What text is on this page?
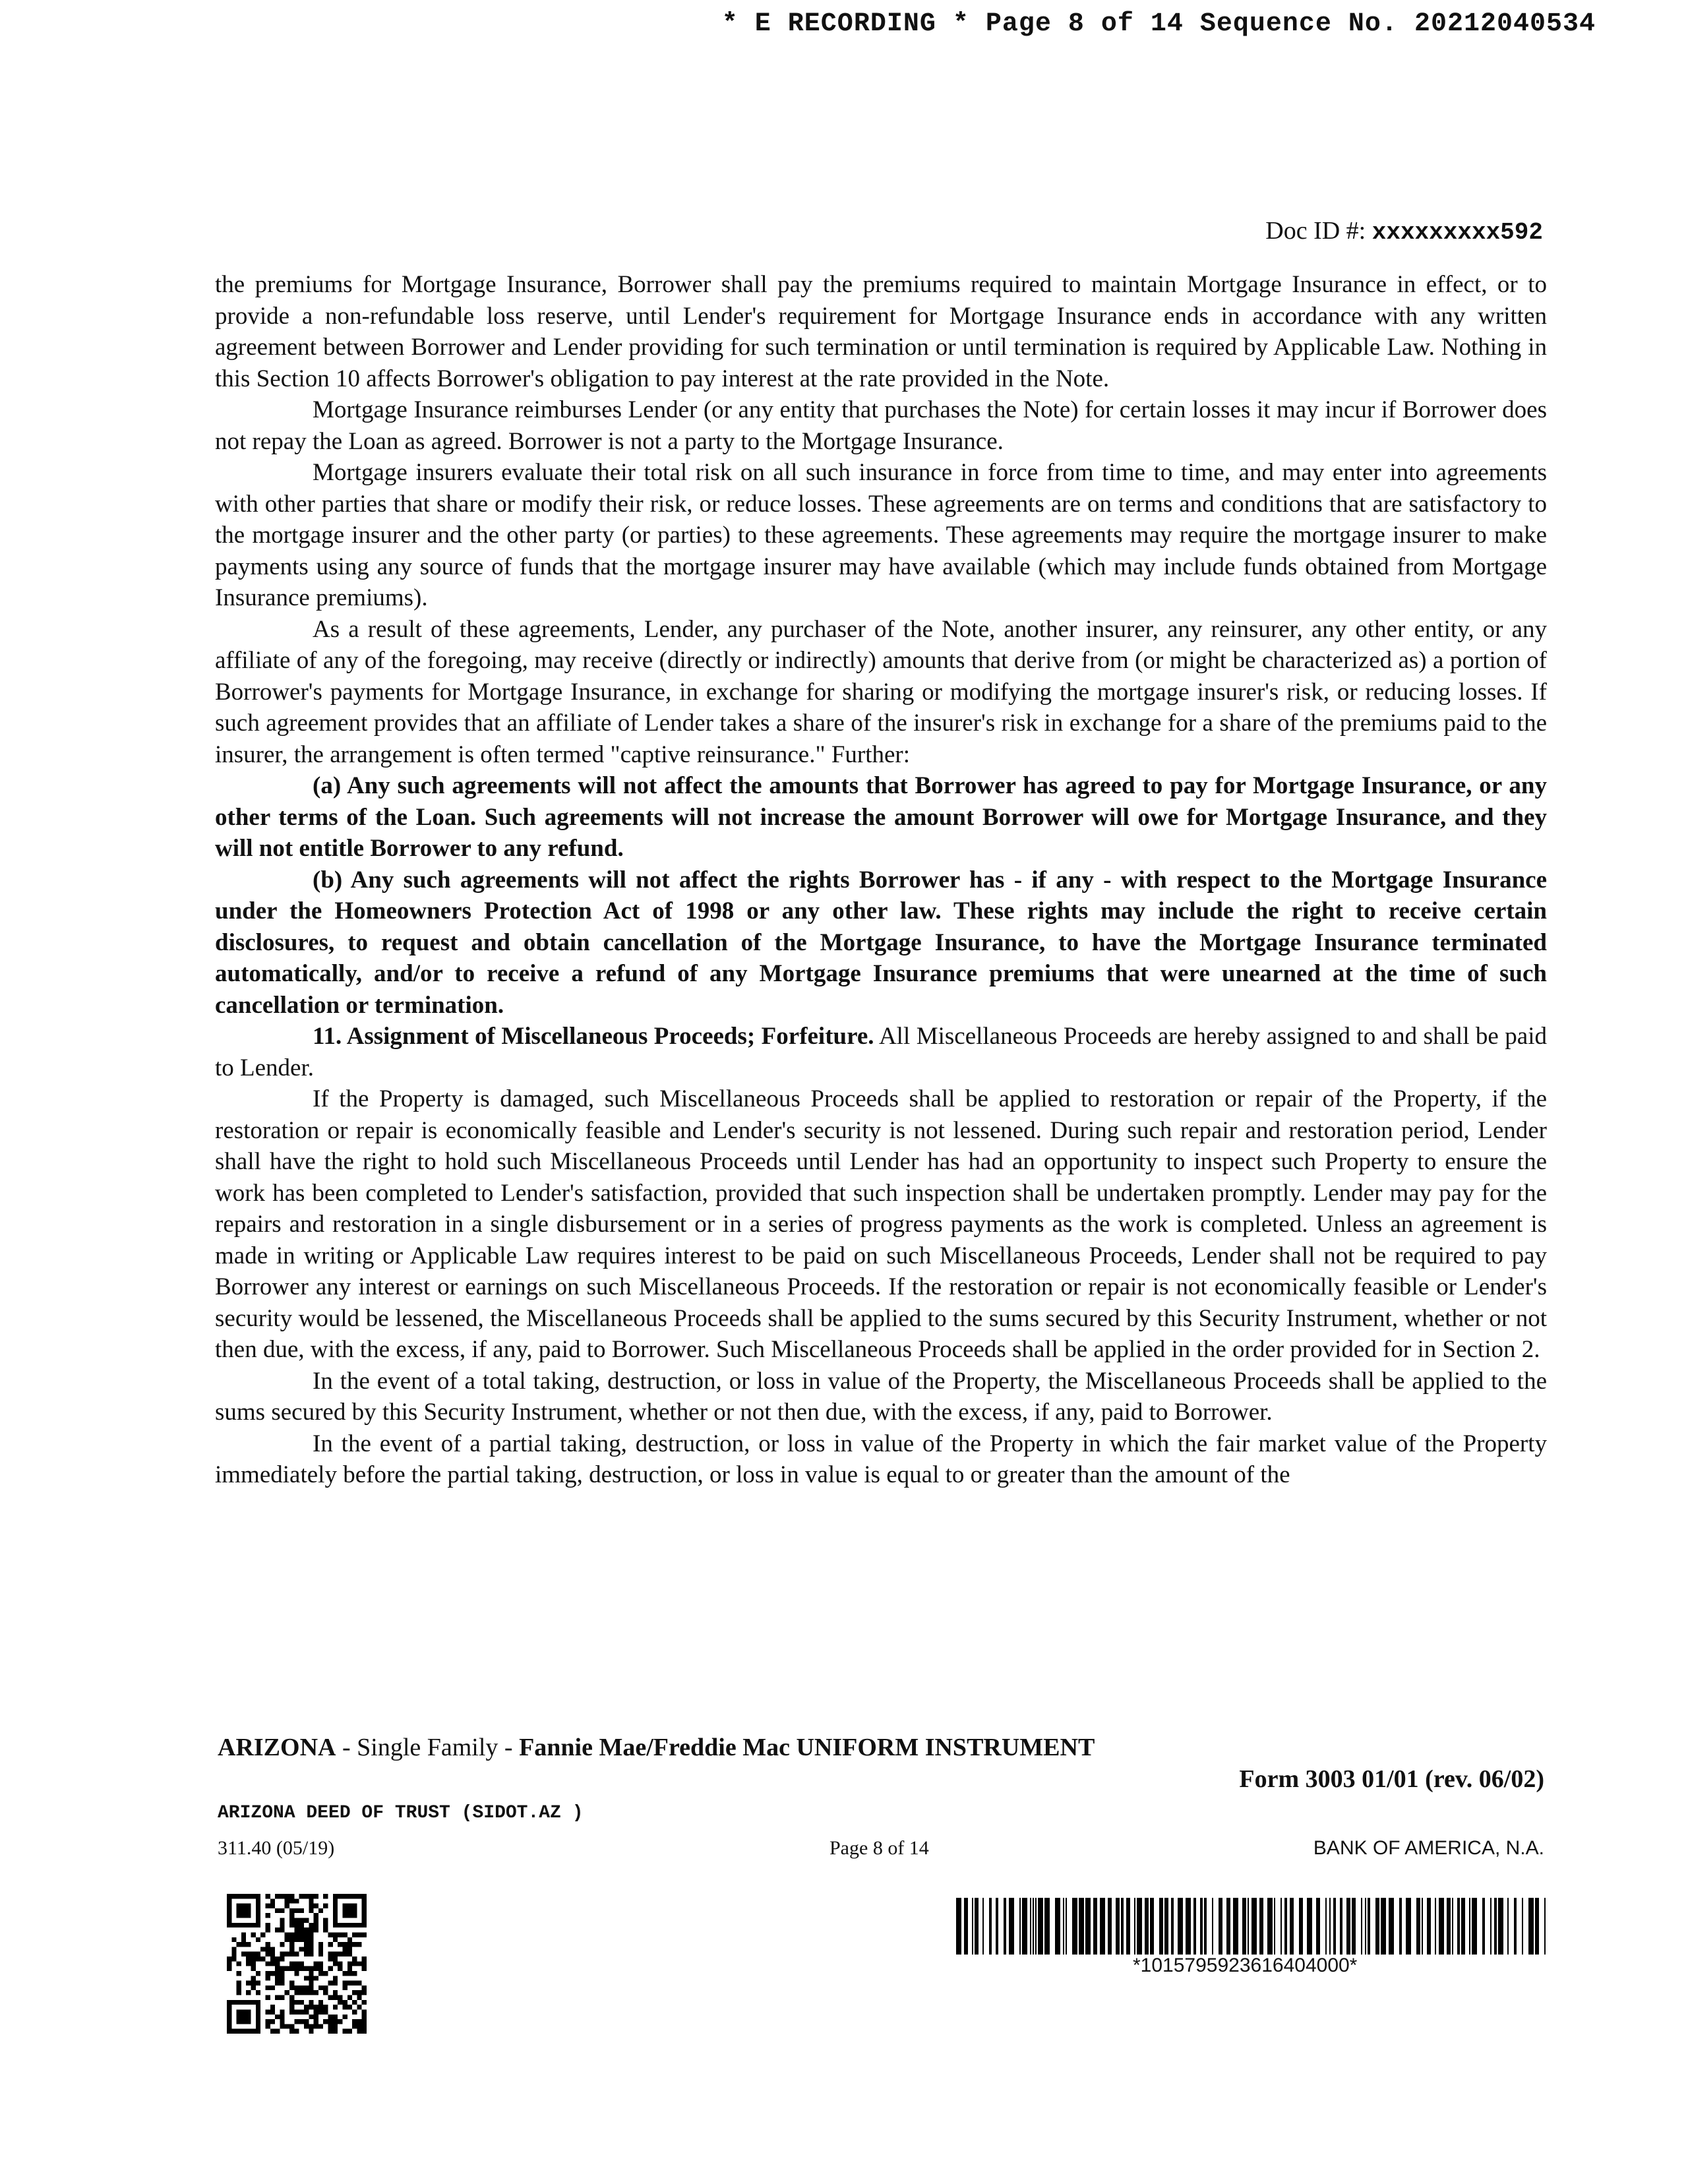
* E RECORDING * Page 8 of 14 Sequence No. 20212040534
Doc ID #: xxxxxxxxx592

the premiums for Mortgage Insurance, Borrower shall pay the premiums required to maintain Mortgage Insurance in effect, or to provide a non-refundable loss reserve, until Lender's requirement for Mortgage Insurance ends in accordance with any written agreement between Borrower and Lender providing for such termination or until termination is required by Applicable Law. Nothing in this Section 10 affects Borrower's obligation to pay interest at the rate provided in the Note.

Mortgage Insurance reimburses Lender (or any entity that purchases the Note) for certain losses it may incur if Borrower does not repay the Loan as agreed. Borrower is not a party to the Mortgage Insurance.

Mortgage insurers evaluate their total risk on all such insurance in force from time to time, and may enter into agreements with other parties that share or modify their risk, or reduce losses. These agreements are on terms and conditions that are satisfactory to the mortgage insurer and the other party (or parties) to these agreements. These agreements may require the mortgage insurer to make payments using any source of funds that the mortgage insurer may have available (which may include funds obtained from Mortgage Insurance premiums).

As a result of these agreements, Lender, any purchaser of the Note, another insurer, any reinsurer, any other entity, or any affiliate of any of the foregoing, may receive (directly or indirectly) amounts that derive from (or might be characterized as) a portion of Borrower's payments for Mortgage Insurance, in exchange for sharing or modifying the mortgage insurer's risk, or reducing losses. If such agreement provides that an affiliate of Lender takes a share of the insurer's risk in exchange for a share of the premiums paid to the insurer, the arrangement is often termed "captive reinsurance." Further:

(a) Any such agreements will not affect the amounts that Borrower has agreed to pay for Mortgage Insurance, or any other terms of the Loan. Such agreements will not increase the amount Borrower will owe for Mortgage Insurance, and they will not entitle Borrower to any refund.

(b) Any such agreements will not affect the rights Borrower has - if any - with respect to the Mortgage Insurance under the Homeowners Protection Act of 1998 or any other law. These rights may include the right to receive certain disclosures, to request and obtain cancellation of the Mortgage Insurance, to have the Mortgage Insurance terminated automatically, and/or to receive a refund of any Mortgage Insurance premiums that were unearned at the time of such cancellation or termination.

11. Assignment of Miscellaneous Proceeds; Forfeiture. All Miscellaneous Proceeds are hereby assigned to and shall be paid to Lender.

If the Property is damaged, such Miscellaneous Proceeds shall be applied to restoration or repair of the Property, if the restoration or repair is economically feasible and Lender's security is not lessened. During such repair and restoration period, Lender shall have the right to hold such Miscellaneous Proceeds until Lender has had an opportunity to inspect such Property to ensure the work has been completed to Lender's satisfaction, provided that such inspection shall be undertaken promptly. Lender may pay for the repairs and restoration in a single disbursement or in a series of progress payments as the work is completed. Unless an agreement is made in writing or Applicable Law requires interest to be paid on such Miscellaneous Proceeds, Lender shall not be required to pay Borrower any interest or earnings on such Miscellaneous Proceeds. If the restoration or repair is not economically feasible or Lender's security would be lessened, the Miscellaneous Proceeds shall be applied to the sums secured by this Security Instrument, whether or not then due, with the excess, if any, paid to Borrower. Such Miscellaneous Proceeds shall be applied in the order provided for in Section 2.

In the event of a total taking, destruction, or loss in value of the Property, the Miscellaneous Proceeds shall be applied to the sums secured by this Security Instrument, whether or not then due, with the excess, if any, paid to Borrower.

In the event of a partial taking, destruction, or loss in value of the Property in which the fair market value of the Property immediately before the partial taking, destruction, or loss in value is equal to or greater than the amount of the

ARIZONA - Single Family - Fannie Mae/Freddie Mac UNIFORM INSTRUMENT
Form 3003 01/01 (rev. 06/02)
ARIZONA DEED OF TRUST (SIDOT.AZ )
311.40 (05/19)	Page 8 of 14	BANK OF AMERICA, N.A.
*1015795923616404000*
